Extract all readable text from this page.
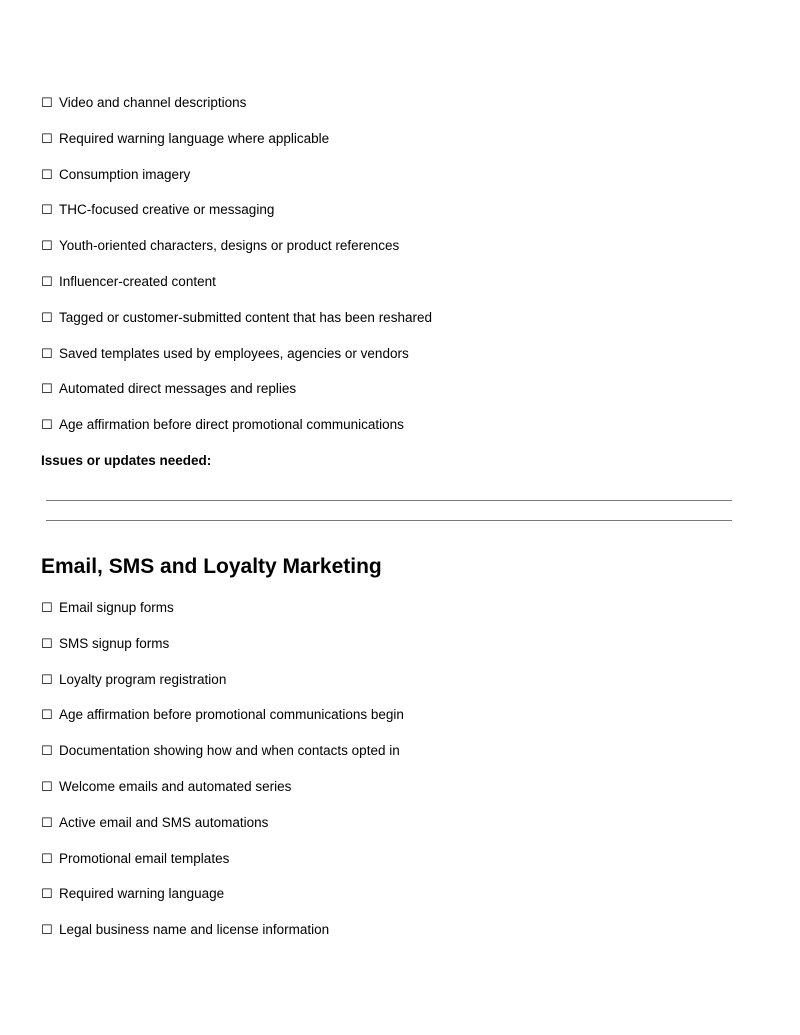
☐ Video and channel descriptions
☐ Required warning language where applicable
☐ Consumption imagery
☐ THC-focused creative or messaging
☐ Youth-oriented characters, designs or product references
☐ Influencer-created content
☐ Tagged or customer-submitted content that has been reshared
☐ Saved templates used by employees, agencies or vendors
☐ Automated direct messages and replies
☐ Age affirmation before direct promotional communications
Issues or updates needed:
Email, SMS and Loyalty Marketing
☐ Email signup forms
☐ SMS signup forms
☐ Loyalty program registration
☐ Age affirmation before promotional communications begin
☐ Documentation showing how and when contacts opted in
☐ Welcome emails and automated series
☐ Active email and SMS automations
☐ Promotional email templates
☐ Required warning language
☐ Legal business name and license information
